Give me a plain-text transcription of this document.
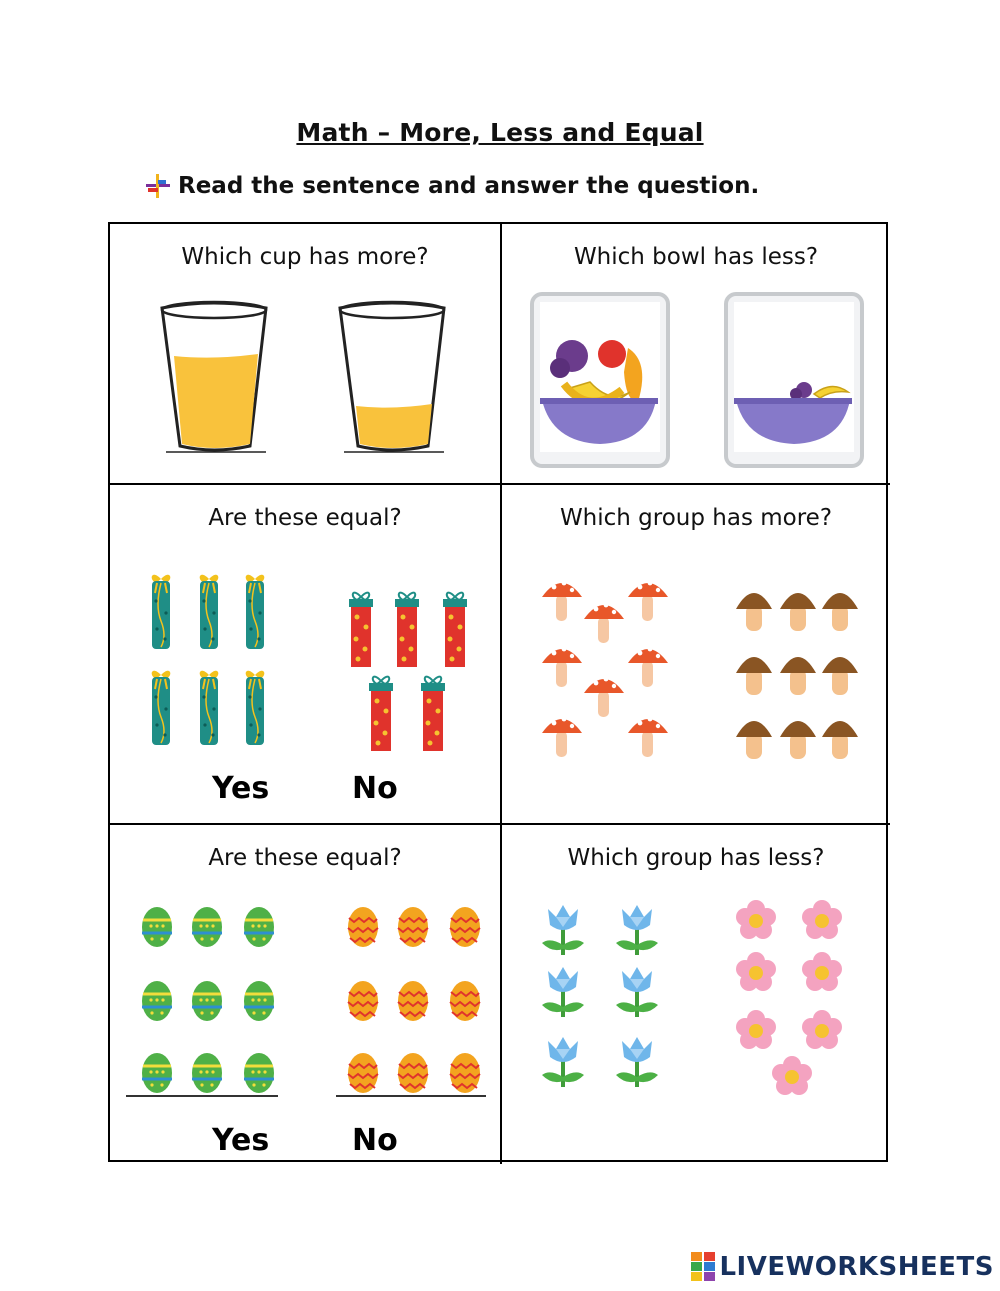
Math – More, Less and Equal
Read the sentence and answer the question.
Which cup has more?	Which bowl has less?
Are these equal?
Yes	No
Which group has more?
Are these equal?
Yes	No
Which group has less?
LIVEWORKSHEETS
